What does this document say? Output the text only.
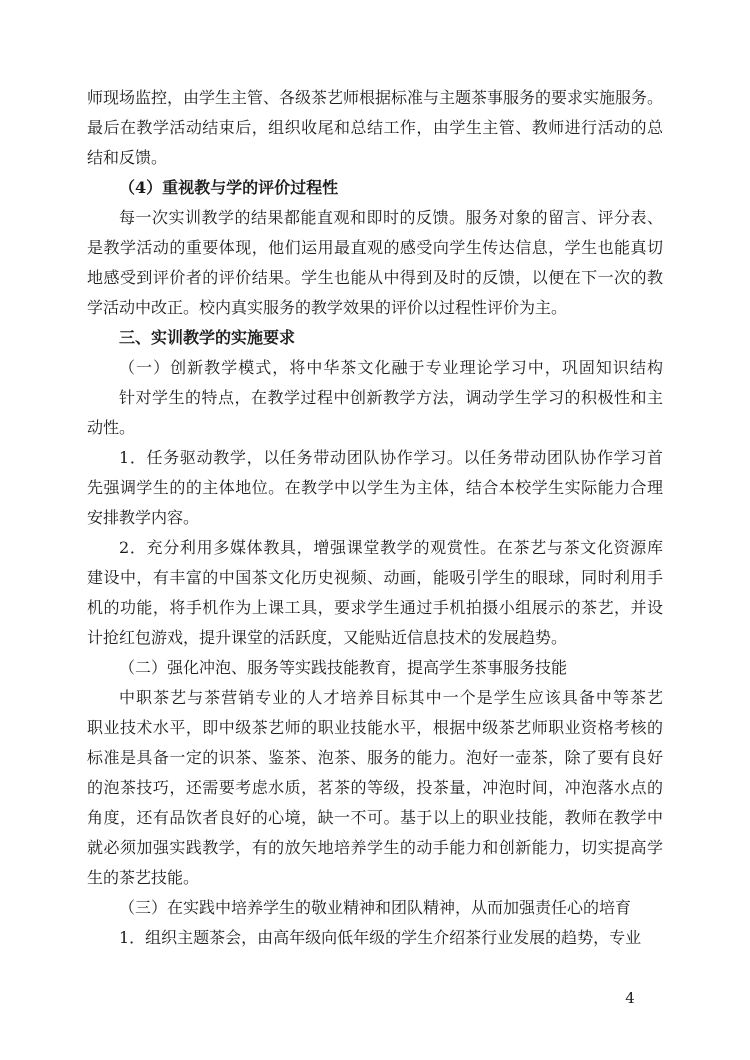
师现场监控，由学生主管、各级茶艺师根据标准与主题茶事服务的要求实施服务。
最后在教学活动结束后，组织收尾和总结工作，由学生主管、教师进行活动的总
结和反馈。
（4）重视教与学的评价过程性
每一次实训教学的结果都能直观和即时的反馈。服务对象的留言、评分表、
是教学活动的重要体现，他们运用最直观的感受向学生传达信息，学生也能真切
地感受到评价者的评价结果。学生也能从中得到及时的反馈，以便在下一次的教
学活动中改正。校内真实服务的教学效果的评价以过程性评价为主。
三、实训教学的实施要求
（一）创新教学模式，将中华茶文化融于专业理论学习中，巩固知识结构
针对学生的特点，在教学过程中创新教学方法，调动学生学习的积极性和主
动性。
1．任务驱动教学，以任务带动团队协作学习。以任务带动团队协作学习首
先强调学生的的主体地位。在教学中以学生为主体，结合本校学生实际能力合理
安排教学内容。
2．充分利用多媒体教具，增强课堂教学的观赏性。在茶艺与茶文化资源库
建设中，有丰富的中国茶文化历史视频、动画，能吸引学生的眼球，同时利用手
机的功能，将手机作为上课工具，要求学生通过手机拍摄小组展示的茶艺，并设
计抢红包游戏，提升课堂的活跃度，又能贴近信息技术的发展趋势。
（二）强化冲泡、服务等实践技能教育，提高学生茶事服务技能
中职茶艺与茶营销专业的人才培养目标其中一个是学生应该具备中等茶艺
职业技术水平，即中级茶艺师的职业技能水平，根据中级茶艺师职业资格考核的
标准是具备一定的识茶、鉴茶、泡茶、服务的能力。泡好一壶茶，除了要有良好
的泡茶技巧，还需要考虑水质，茗茶的等级，投茶量，冲泡时间，冲泡落水点的
角度，还有品饮者良好的心境，缺一不可。基于以上的职业技能，教师在教学中
就必须加强实践教学，有的放矢地培养学生的动手能力和创新能力，切实提高学
生的茶艺技能。
（三）在实践中培养学生的敬业精神和团队精神，从而加强责任心的培育
1．组织主题茶会，由高年级向低年级的学生介绍茶行业发展的趋势，专业
4
